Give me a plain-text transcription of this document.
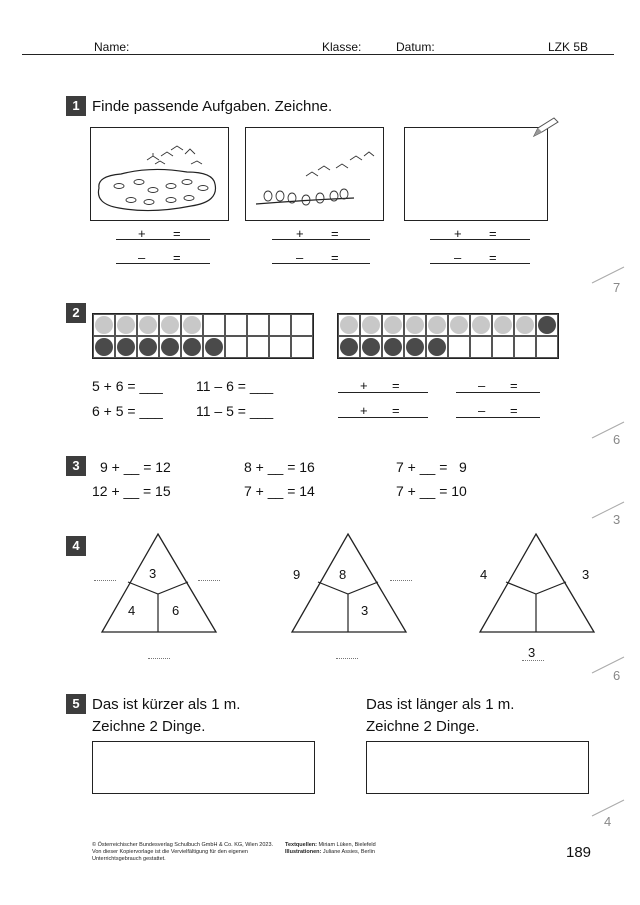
Name:	Klasse:	Datum:	LZK 5B
1 Finde passende Aufgaben. Zeichne.
+ =
– =
+ =
– =
+ =
– =
2
5 + 6 = ___ 11 – 6 = ___
6 + 5 = ___ 11 – 5 = ___
+ =	– =
+ =	– =
3	9 + __ = 12	8 + __ = 16	7 + __ =   9
12 + __ = 15	7 + __ = 14	7 + __ = 10
4
3
4	6
9	8
3
4	3
3
5 Das ist kürzer als 1 m.
Zeichne 2 Dinge.
Das ist länger als 1 m.
Zeichne 2 Dinge.
7
6
3
6
4
© Österreichischer Bundesverlag Schulbuch GmbH & Co. KG, Wien 2023.
Von dieser Kopiervorlage ist die Vervielfältigung für den eigenen
Unterrichtsgebrauch gestattet.
Textquellen: Miriam Lüken, Bielefeld
Illustrationen: Juliane Assies, Berlin	189
